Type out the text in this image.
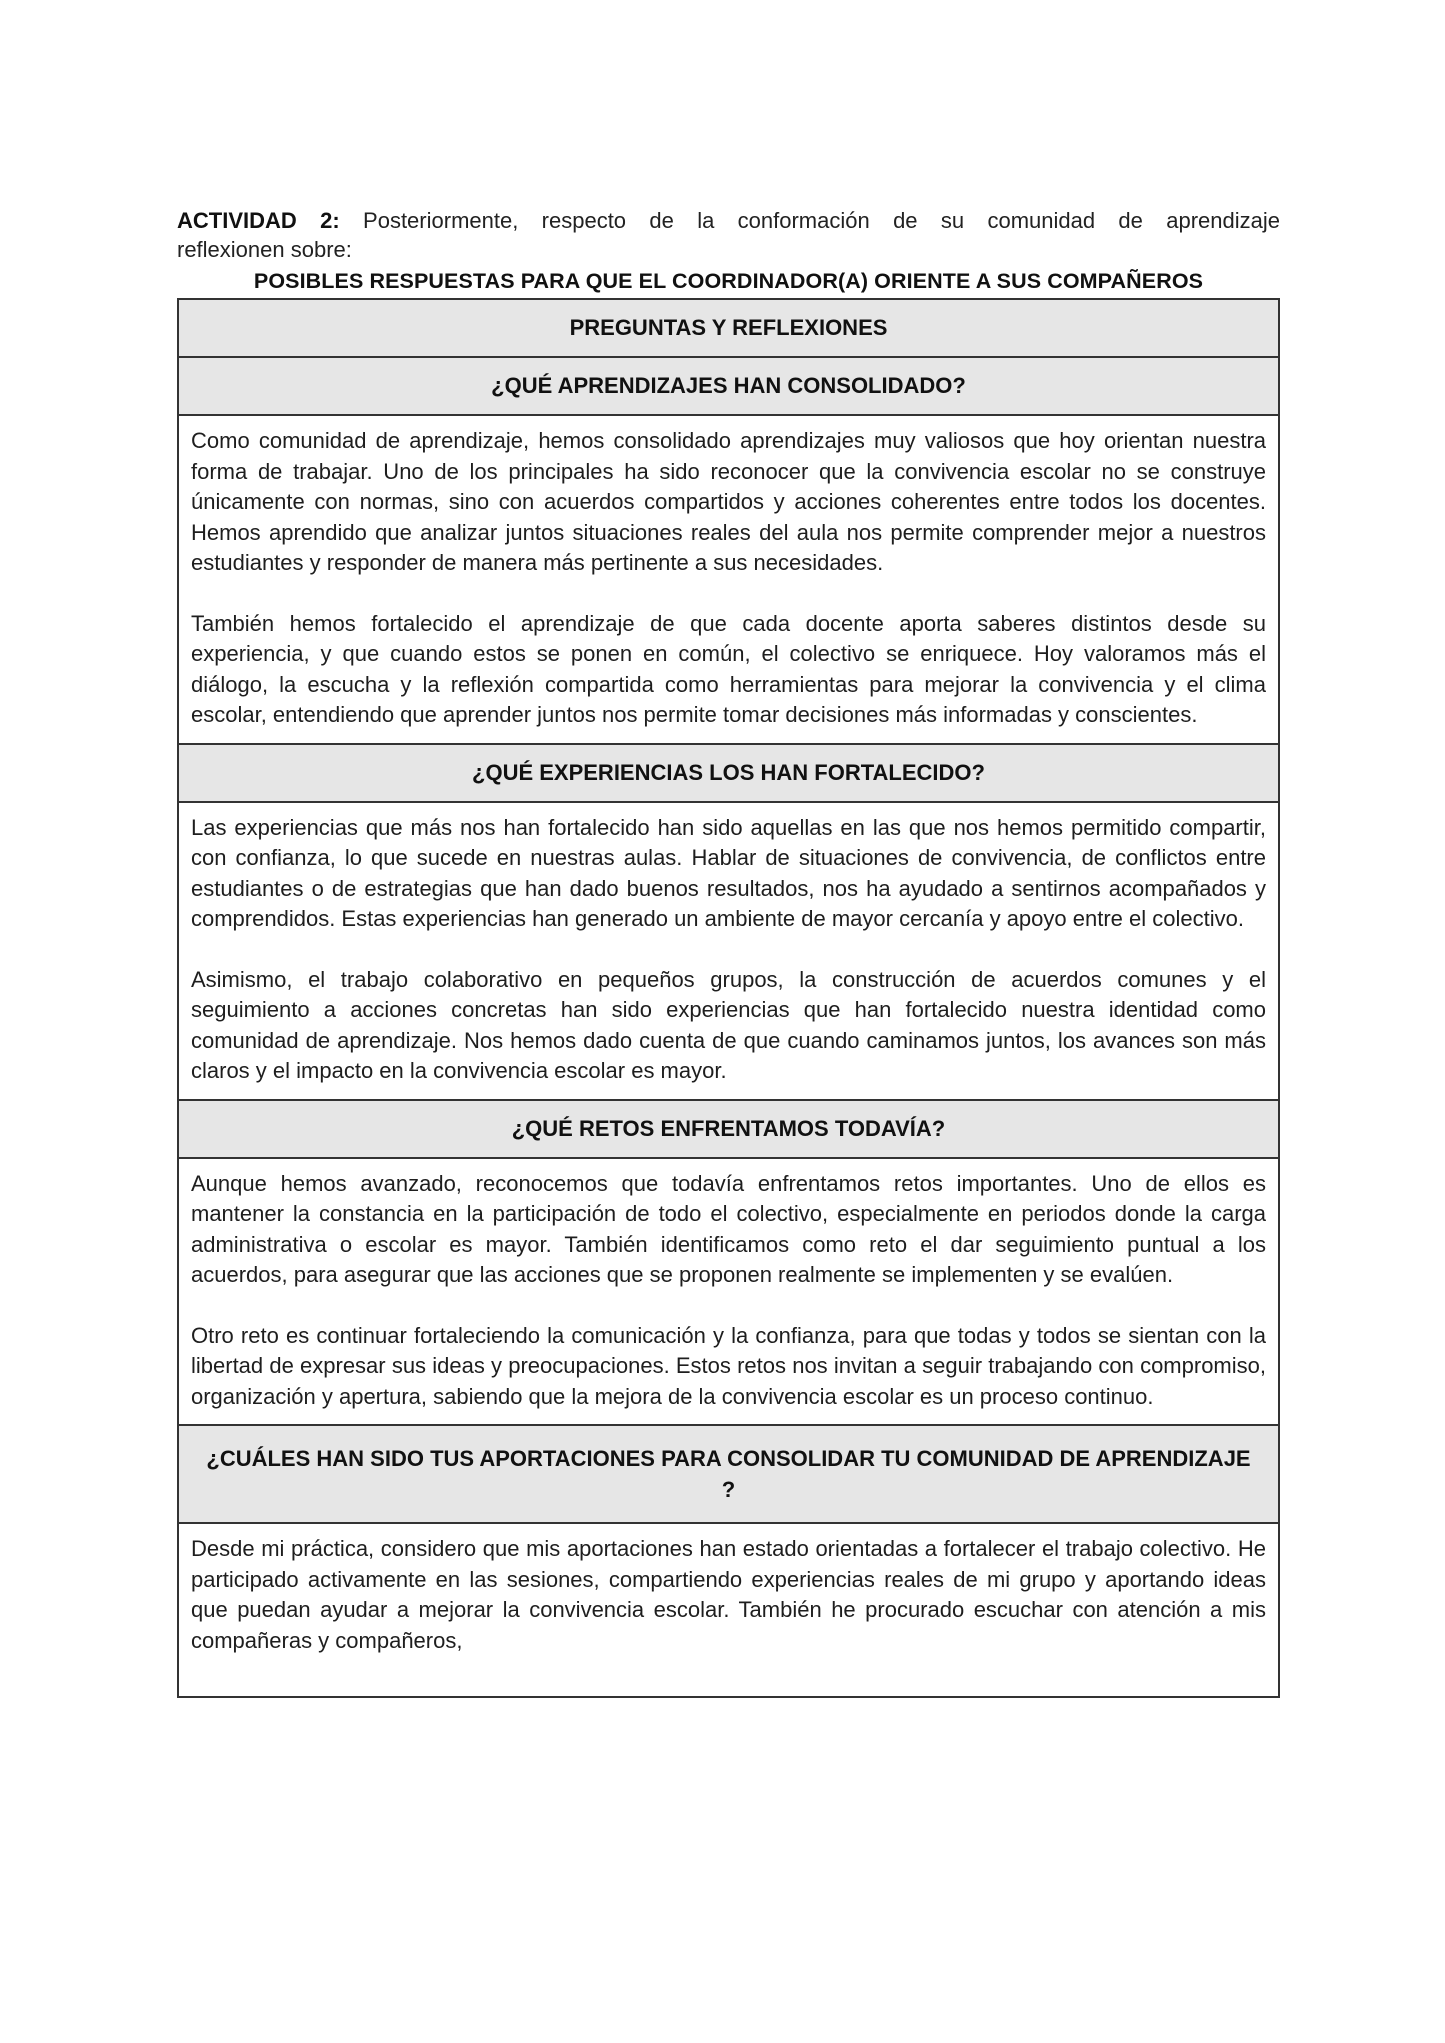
ACTIVIDAD 2: Posteriormente, respecto de la conformación de su comunidad de aprendizaje
reflexionen sobre:
POSIBLES RESPUESTAS PARA QUE EL COORDINADOR(A) ORIENTE A SUS COMPAÑEROS
PREGUNTAS Y REFLEXIONES
¿QUÉ APRENDIZAJES HAN CONSOLIDADO?

Como comunidad de aprendizaje, hemos consolidado aprendizajes muy valiosos que hoy orientan nuestra forma de trabajar. Uno de los principales ha sido reconocer que la convivencia escolar no se construye únicamente con normas, sino con acuerdos compartidos y acciones coherentes entre todos los docentes. Hemos aprendido que analizar juntos situaciones reales del aula nos permite comprender mejor a nuestros estudiantes y responder de manera más pertinente a sus necesidades.

También hemos fortalecido el aprendizaje de que cada docente aporta saberes distintos desde su experiencia, y que cuando estos se ponen en común, el colectivo se enriquece. Hoy valoramos más el diálogo, la escucha y la reflexión compartida como herramientas para mejorar la convivencia y el clima escolar, entendiendo que aprender juntos nos permite tomar decisiones más informadas y conscientes.

¿QUÉ EXPERIENCIAS LOS HAN FORTALECIDO?

Las experiencias que más nos han fortalecido han sido aquellas en las que nos hemos permitido compartir, con confianza, lo que sucede en nuestras aulas. Hablar de situaciones de convivencia, de conflictos entre estudiantes o de estrategias que han dado buenos resultados, nos ha ayudado a sentirnos acompañados y comprendidos. Estas experiencias han generado un ambiente de mayor cercanía y apoyo entre el colectivo.

Asimismo, el trabajo colaborativo en pequeños grupos, la construcción de acuerdos comunes y el seguimiento a acciones concretas han sido experiencias que han fortalecido nuestra identidad como comunidad de aprendizaje. Nos hemos dado cuenta de que cuando caminamos juntos, los avances son más claros y el impacto en la convivencia escolar es mayor.

¿QUÉ RETOS ENFRENTAMOS TODAVÍA?

Aunque hemos avanzado, reconocemos que todavía enfrentamos retos importantes. Uno de ellos es mantener la constancia en la participación de todo el colectivo, especialmente en periodos donde la carga administrativa o escolar es mayor. También identificamos como reto el dar seguimiento puntual a los acuerdos, para asegurar que las acciones que se proponen realmente se implementen y se evalúen.

Otro reto es continuar fortaleciendo la comunicación y la confianza, para que todas y todos se sientan con la libertad de expresar sus ideas y preocupaciones. Estos retos nos invitan a seguir trabajando con compromiso, organización y apertura, sabiendo que la mejora de la convivencia escolar es un proceso continuo.

¿CUÁLES HAN SIDO TUS APORTACIONES PARA CONSOLIDAR TU COMUNIDAD DE APRENDIZAJE ?

Desde mi práctica, considero que mis aportaciones han estado orientadas a fortalecer el trabajo colectivo. He participado activamente en las sesiones, compartiendo experiencias reales de mi grupo y aportando ideas que puedan ayudar a mejorar la convivencia escolar. También he procurado escuchar con atención a mis compañeras y compañeros,
